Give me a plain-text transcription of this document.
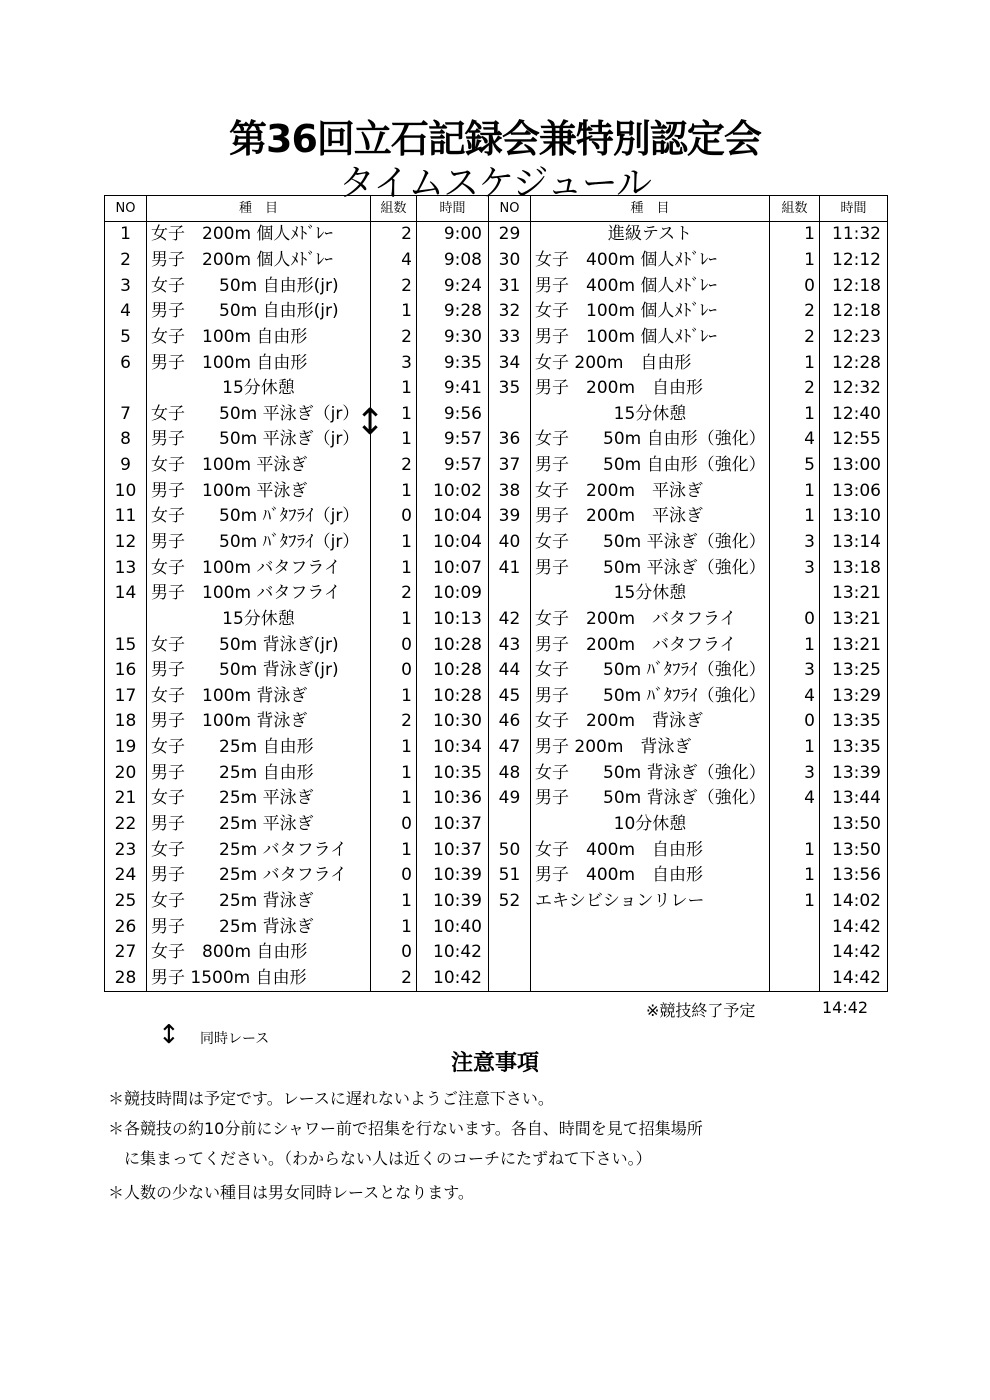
第36回立石記録会兼特別認定会
タイムスケジュール
NO	種　目	組数	時間	NO	種　目	組数	時間
1	女子　200m 個人ﾒﾄﾞﾚｰ	2	9:00	29	進級テスト	1	11:32
2	男子　200m 個人ﾒﾄﾞﾚｰ	4	9:08	30	女子　400m 個人ﾒﾄﾞﾚｰ	1	12:12
3	女子　　50m 自由形(jr)	2	9:24	31	男子　400m 個人ﾒﾄﾞﾚｰ	0	12:18
4	男子　　50m 自由形(jr)	1	9:28	32	女子　100m 個人ﾒﾄﾞﾚｰ	2	12:18
5	女子　100m 自由形	2	9:30	33	男子　100m 個人ﾒﾄﾞﾚｰ	2	12:23
6	男子　100m 自由形	3	9:35	34	女子 200m　自由形	1	12:28
	15分休憩	1	9:41	35	男子　200m　自由形	2	12:32
7	女子　　50m 平泳ぎ（jr）	1	9:56		15分休憩	1	12:40
8	男子　　50m 平泳ぎ（jr）	1	9:57	36	女子　　50m 自由形（強化）	4	12:55
9	女子　100m 平泳ぎ	2	9:57	37	男子　　50m 自由形（強化）	5	13:00
10	男子　100m 平泳ぎ	1	10:02	38	女子　200m　平泳ぎ	1	13:06
11	女子　　50m ﾊﾞﾀﾌﾗｲ（jr）	0	10:04	39	男子　200m　平泳ぎ	1	13:10
12	男子　　50m ﾊﾞﾀﾌﾗｲ（jr）	1	10:04	40	女子　　50m 平泳ぎ（強化）	3	13:14
13	女子　100m バタフライ	1	10:07	41	男子　　50m 平泳ぎ（強化）	3	13:18
14	男子　100m バタフライ	2	10:09		15分休憩		13:21
	15分休憩	1	10:13	42	女子　200m　バタフライ	0	13:21
15	女子　　50m 背泳ぎ(jr)	0	10:28	43	男子　200m　バタフライ	1	13:21
16	男子　　50m 背泳ぎ(jr)	0	10:28	44	女子　　50m ﾊﾞﾀﾌﾗｲ（強化）	3	13:25
17	女子　100m 背泳ぎ	1	10:28	45	男子　　50m ﾊﾞﾀﾌﾗｲ（強化）	4	13:29
18	男子　100m 背泳ぎ	2	10:30	46	女子　200m　背泳ぎ	0	13:35
19	女子　　25m 自由形	1	10:34	47	男子 200m　背泳ぎ	1	13:35
20	男子　　25m 自由形	1	10:35	48	女子　　50m 背泳ぎ（強化）	3	13:39
21	女子　　25m 平泳ぎ	1	10:36	49	男子　　50m 背泳ぎ（強化）	4	13:44
22	男子　　25m 平泳ぎ	0	10:37		10分休憩		13:50
23	女子　　25m バタフライ	1	10:37	50	女子　400m　自由形	1	13:50
24	男子　　25m バタフライ	0	10:39	51	男子　400m　自由形	1	13:56
25	女子　　25m 背泳ぎ	1	10:39	52	エキシビションリレー	1	14:02
26	男子　　25m 背泳ぎ	1	10:40				14:42
27	女子　800m 自由形	0	10:42				14:42
28	男子 1500m 自由形	2	10:42				14:42
↕
※競技終了予定	14:42
↕ 同時レース
注意事項
＊競技時間は予定です。レースに遅れないようご注意下さい。
＊各競技の約10分前にシャワー前で招集を行ないます。各自、時間を見て招集場所
　に集まってください。（わからない人は近くのコーチにたずねて下さい。）
＊人数の少ない種目は男女同時レースとなります。
